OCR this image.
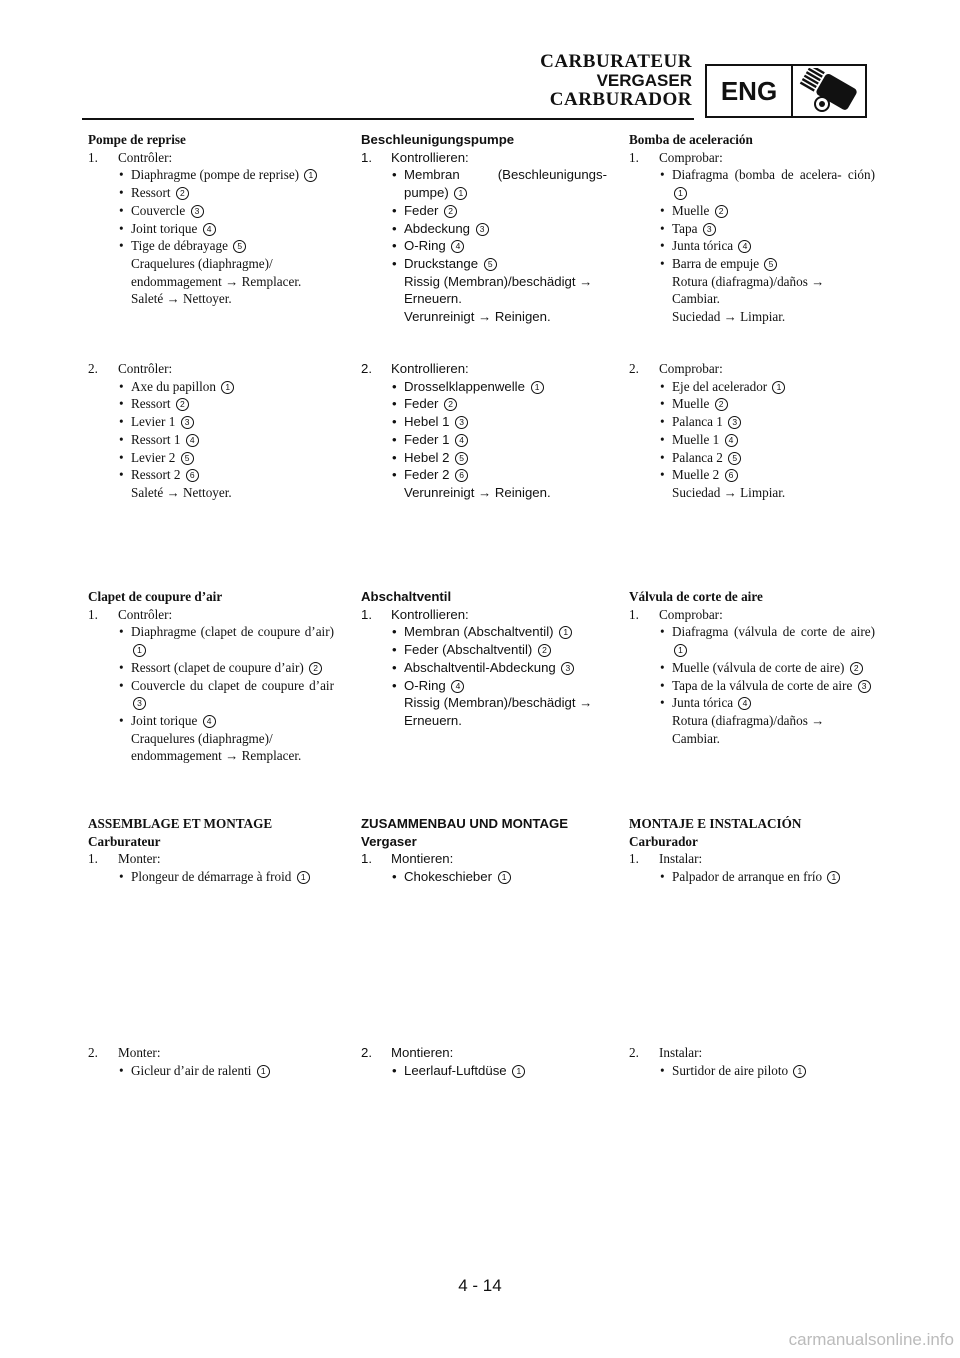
CARBURATEUR
VERGASER
CARBURADOR	ENG
Pompe de reprise
1. Contrôler:
• Diaphragme (pompe de reprise) 1
• Ressort 2
• Couvercle 3
• Joint torique 4
• Tige de débrayage 5
Craquelures (diaphragme)/ endommagement → Remplacer.
Saleté → Nettoyer.
2. Contrôler:
• Axe du papillon 1
• Ressort 2
• Levier 1 3
• Ressort 1 4
• Levier 2 5
• Ressort 2 6
Saleté → Nettoyer.
Clapet de coupure d’air
1. Contrôler:
• Diaphragme (clapet de coupure d’air) 1
• Ressort (clapet de coupure d’air) 2
• Couvercle du clapet de coupure d’air 3
• Joint torique 4
Craquelures (diaphragme)/ endommagement → Remplacer.
ASSEMBLAGE ET MONTAGE
Carburateur
1. Monter:
• Plongeur de démarrage à froid 1
2. Monter:
• Gicleur d’air de ralenti 1
Beschleunigungspumpe
1. Kontrollieren:
• Membran (Beschleunigungs- pumpe) 1
• Feder 2
• Abdeckung 3
• O-Ring 4
• Druckstange 5
Rissig (Membran)/beschädigt → Erneuern.
Verunreinigt → Reinigen.
2. Kontrollieren:
• Drosselklappenwelle 1
• Feder 2
• Hebel 1 3
• Feder 1 4
• Hebel 2 5
• Feder 2 6
Verunreinigt → Reinigen.
Abschaltventil
1. Kontrollieren:
• Membran (Abschaltventil) 1
• Feder (Abschaltventil) 2
• Abschaltventil-Abdeckung 3
• O-Ring 4
Rissig (Membran)/beschädigt → Erneuern.
ZUSAMMENBAU UND MONTAGE
Vergaser
1. Montieren:
• Chokeschieber 1
2. Montieren:
• Leerlauf-Luftdüse 1
Bomba de aceleración
1. Comprobar:
• Diafragma (bomba de acelera- ción) 1
• Muelle 2
• Tapa 3
• Junta tórica 4
• Barra de empuje 5
Rotura (diafragma)/daños → Cambiar.
Suciedad → Limpiar.
2. Comprobar:
• Eje del acelerador 1
• Muelle 2
• Palanca 1 3
• Muelle 1 4
• Palanca 2 5
• Muelle 2 6
Suciedad → Limpiar.
Válvula de corte de aire
1. Comprobar:
• Diafragma (válvula de corte de aire) 1
• Muelle (válvula de corte de aire) 2
• Tapa de la válvula de corte de aire 3
• Junta tórica 4
Rotura (diafragma)/daños → Cambiar.
MONTAJE E INSTALACIÓN
Carburador
1. Instalar:
• Palpador de arranque en frío 1
2. Instalar:
• Surtidor de aire piloto 1
4 - 14
carmanualsonline.info
